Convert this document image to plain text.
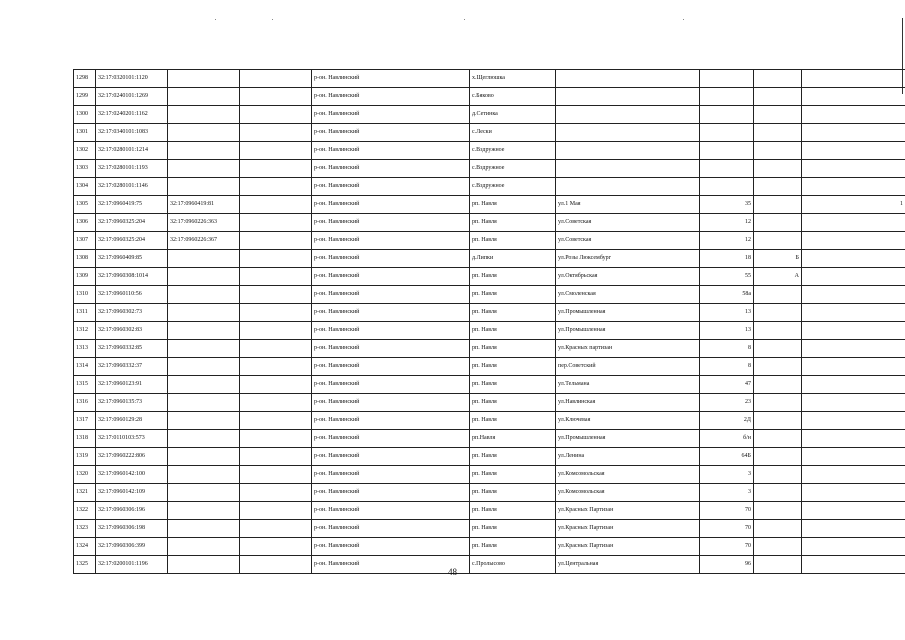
1298	32:17:0320101:1120			р-он. Навлинский	х.Щеглюшка				
1299	32:17:0240101:1269			р-он. Навлинский	с.Бяково				
1300	32:17:0240201:1162			р-он. Навлинский	д.Сетинка				
1301	32:17:0340101:1083			р-он. Навлинский	с.Лески				
1302	32:17:0280101:1214			р-он. Навлинский	с.Вздружное				
1303	32:17:0280101:1193			р-он. Навлинский	с.Вздружное				
1304	32:17:0280101:1146			р-он. Навлинский	с.Вздружное				
1305	32:17:0960419:75	32:17:0960419:81		р-он. Навлинский	рп. Навля	ул.1 Мая	35		1
1306	32:17:0960325:204	32:17:0960226:363		р-он. Навлинский	рп. Навля	ул.Советская	12		
1307	32:17:0960325:204	32:17:0960226:367		р-он. Навлинский	рп. Навля	ул.Советская	12		
1308	32:17:0960409:85			р-он. Навлинский	д.Липки	ул.Розы Люксембург	18	Б	
1309	32:17:0960308:1014			р-он. Навлинский	рп. Навля	ул.Октябрьская	55	А	
1310	32:17:0960110:56			р-он. Навлинский	рп. Навля	ул.Смоленская	58а		
1311	32:17:0960302:73			р-он. Навлинский	рп. Навля	ул.Промышленная	13		
1312	32:17:0960302:83			р-он. Навлинский	рп. Навля	ул.Промышленная	13		
1313	32:17:0960332:85			р-он. Навлинский	рп. Навля	ул.Красных партизан	8		
1314	32:17:0960332:37			р-он. Навлинский	рп. Навля	пер.Советский	8		
1315	32:17:0960123:91			р-он. Навлинский	рп. Навля	ул.Тельмана	47		
1316	32:17:0960135:73			р-он. Навлинский	рп. Навля	ул.Навлинская	23		
1317	32:17:0960129:28			р-он. Навлинский	рп. Навля	ул.Ключевая	2Д		
1318	32:17:0110103:573			р-он. Навлинский	рп.Навля	ул.Промышленная	б/н		
1319	32:17:0960222:806			р-он. Навлинский	рп. Навля	ул.Ленина	64Б		
1320	32:17:0960142:100			р-он. Навлинский	рп. Навля	ул.Комсомольская	3		
1321	32:17:0960142:109			р-он. Навлинский	рп. Навля	ул.Комсомольская	3		
1322	32:17:0960306:196			р-он. Навлинский	рп. Навля	ул.Красных Партизан	70		
1323	32:17:0960306:198			р-он. Навлинский	рп. Навля	ул.Красных Партизан	70		
1324	32:17:0960306:399			р-он. Навлинский	рп. Навля	ул.Красных Партизан	70		
1325	32:17:0200101:1196			р-он. Навлинский	с.Пролысово	ул.Центральная	96		
48
